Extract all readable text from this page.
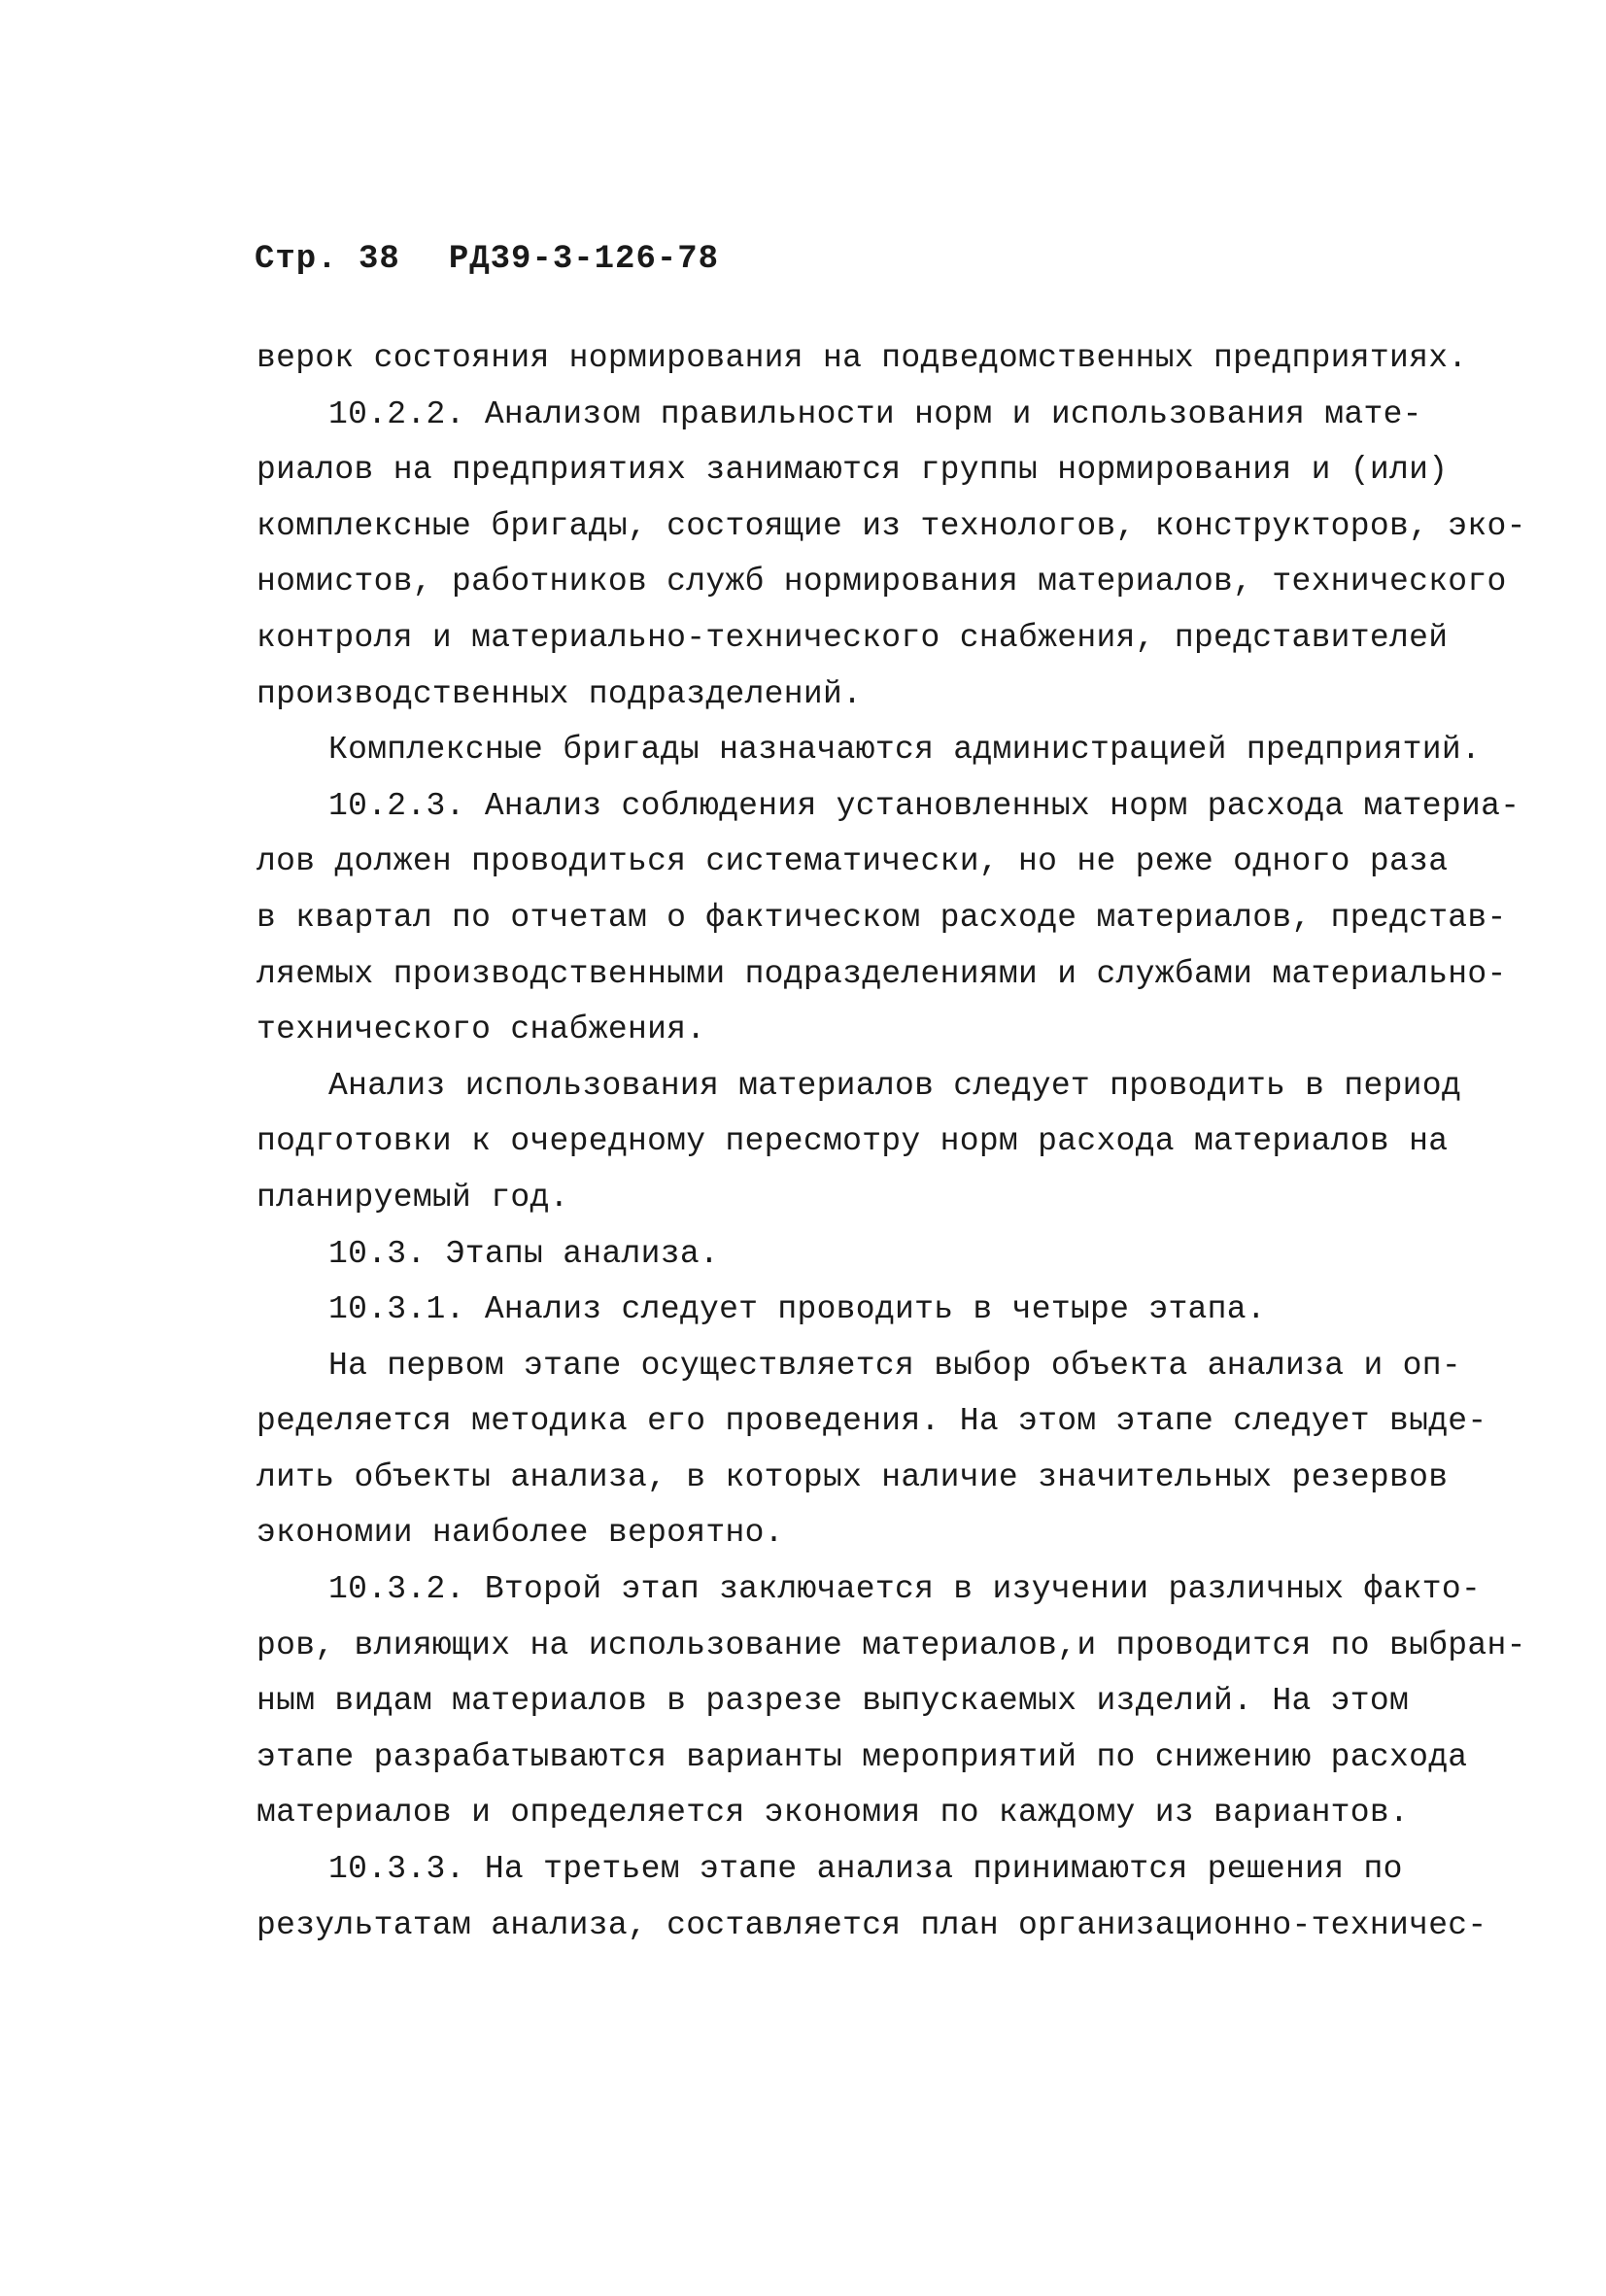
Стр. 38 РД39-3-126-78
верок состояния нормирования на подведомственных предприятиях.
10.2.2. Анализом правильности норм и использования мате-
риалов на предприятиях занимаются группы нормирования и (или)
комплексные бригады, состоящие из технологов, конструкторов, эко-
номистов, работников служб нормирования материалов, технического
контроля и материально-технического снабжения, представителей
производственных подразделений.
Комплексные бригады назначаются администрацией предприятий.
10.2.3. Анализ соблюдения установленных норм расхода материа-
лов должен проводиться систематически, но не реже одного раза
в квартал по отчетам о фактическом расходе материалов, представ-
ляемых производственными подразделениями и службами материально-
технического снабжения.
Анализ использования материалов следует проводить в период
подготовки к очередному пересмотру норм расхода материалов на
планируемый год.
10.3. Этапы анализа.
10.3.1. Анализ следует проводить в четыре этапа.
На первом этапе осуществляется выбор объекта анализа и оп-
ределяется методика его проведения. На этом этапе следует выде-
лить объекты анализа, в которых наличие значительных резервов
экономии наиболее вероятно.
10.3.2. Второй этап заключается в изучении различных факто-
ров, влияющих на использование материалов,и проводится по выбран-
ным видам материалов в разрезе выпускаемых изделий. На этом
этапе разрабатываются варианты мероприятий по снижению расхода
материалов и определяется экономия по каждому из вариантов.
10.3.3. На третьем этапе анализа принимаются решения по
результатам анализа, составляется план организационно-техничес-
